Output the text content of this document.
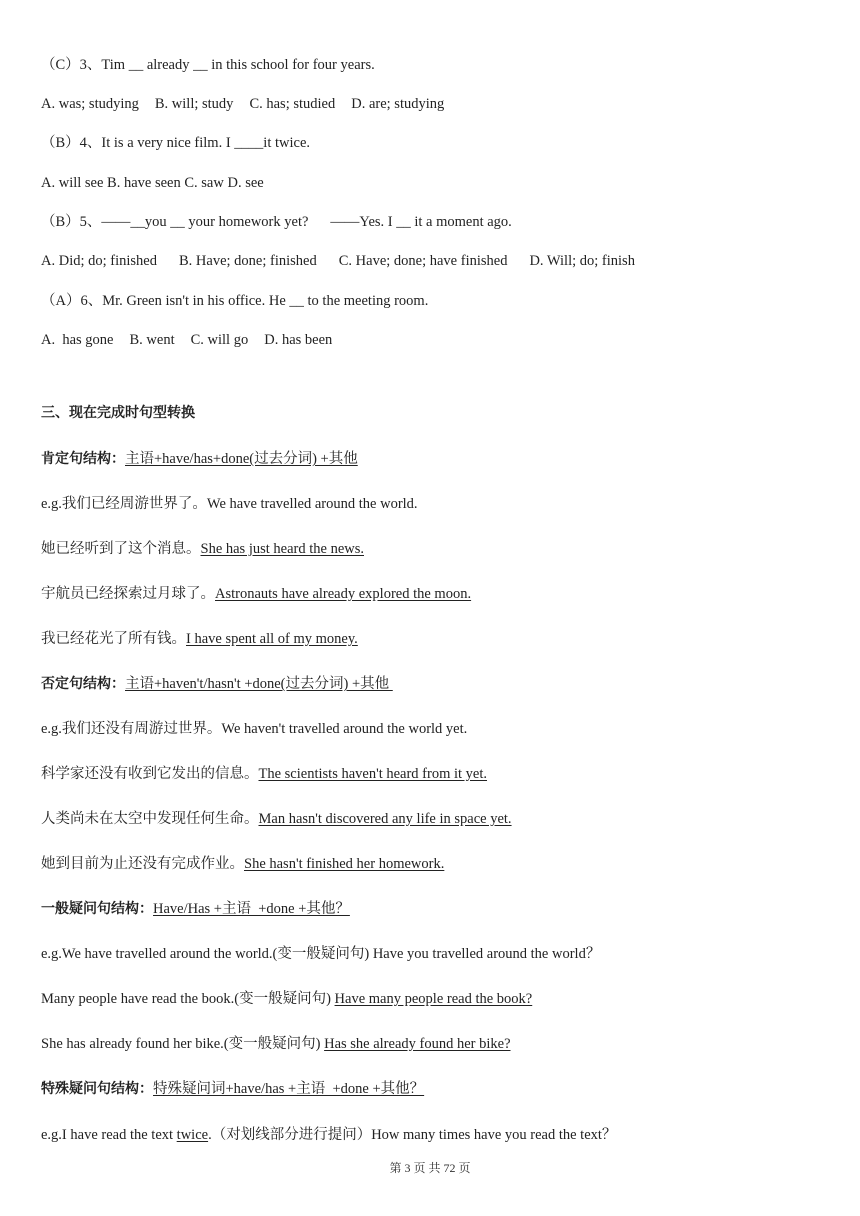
（C）3、Tim __ already __ in this school for four years.
A. was; studying B. will; study C. has; studied D. are; studying
（B）4、It is a very nice film. I ____it twice.
A. will see B. have seen C. saw D. see
（B）5、——__you __ your homework yet? ——Yes. I __ it a moment ago.
A. Did; do; finished B. Have; done; finished C. Have; done; have finished D. Will; do; finish
（A）6、Mr. Green isn't in his office. He __ to the meeting room.
A.  has gone B. went C. will go D. has been
三、现在完成时句型转换
肯定句结构：主语+have/has+done(过去分词) +其他
e.g.我们已经周游世界了。We have travelled around the world.
她已经听到了这个消息。She has just heard the news.
宇航员已经探索过月球了。Astronauts have already explored the moon.
我已经花光了所有钱。I have spent all of my money.
否定句结构：主语+haven't/hasn't +done(过去分词) +其他
e.g.我们还没有周游过世界。We haven't travelled around the world yet.
科学家还没有收到它发出的信息。The scientists haven't heard from it yet.
人类尚未在太空中发现任何生命。Man hasn't discovered any life in space yet.
她到目前为止还没有完成作业。She hasn't finished her homework.
一般疑问句结构：Have/Has +主语  +done +其他？
e.g.We have travelled around the world.(变一般疑问句) Have you travelled around the world？
Many people have read the book.(变一般疑问句) Have many people read the book?
She has already found her bike.(变一般疑问句) Has she already found her bike?
特殊疑问句结构：特殊疑问词+have/has +主语  +done +其他？
e.g.I have read the text twice.（对划线部分进行提问）How many times have you read the text？
第 3 页 共 72 页
